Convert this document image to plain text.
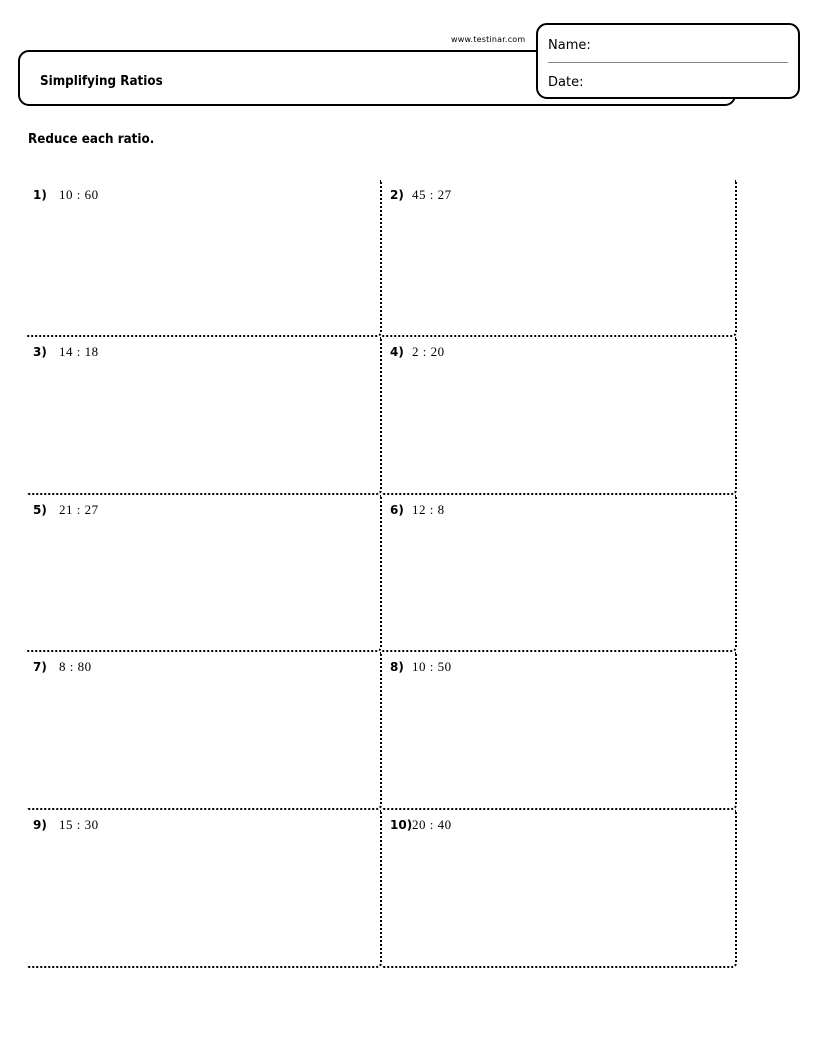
www.testinar.com
Simplifying Ratios
Name:
Date:
Reduce each ratio.
1) 10 : 60	2) 45 : 27
3) 14 : 18	4) 2 : 20
5) 21 : 27	6) 12 : 8
7) 8 : 80	8) 10 : 50
9) 15 : 30	10) 20 : 40
